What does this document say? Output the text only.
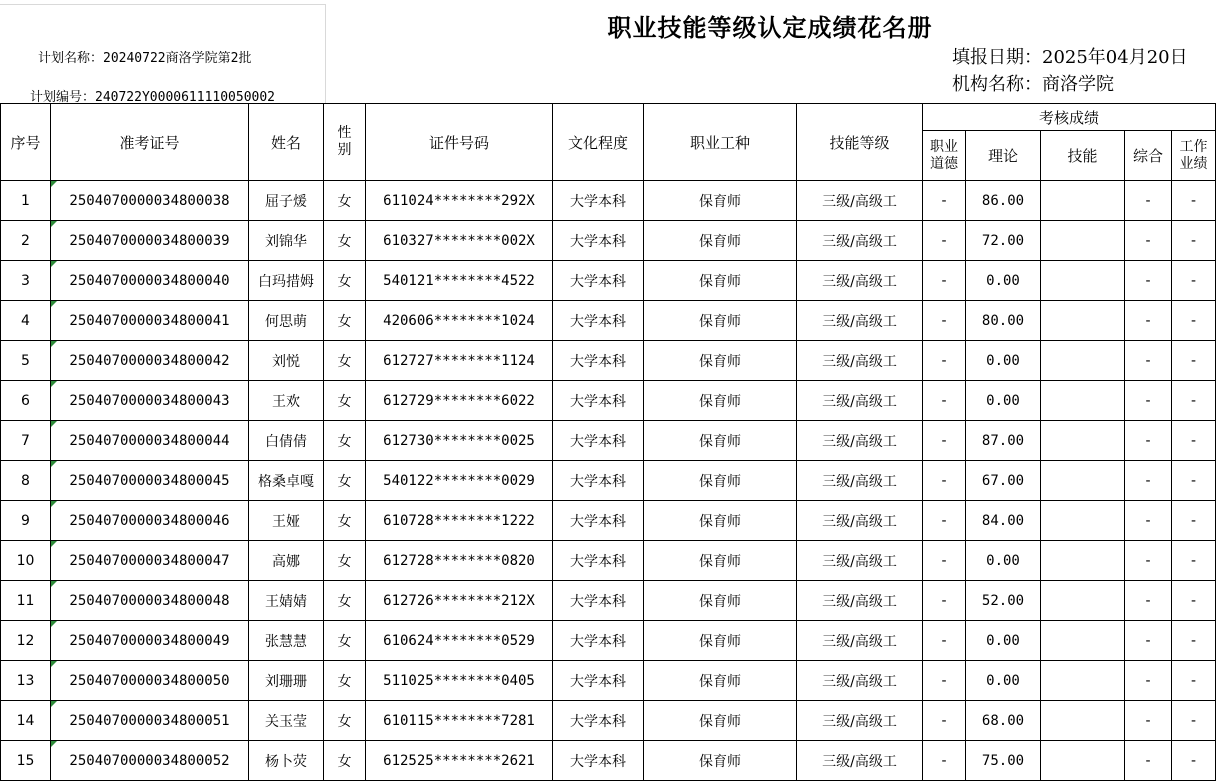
职业技能等级认定成绩花名册
计划名称：20240722商洛学院第2批
计划编号：240722Y0000611110050002
填报日期：2025年04月20日
机构名称：商洛学院
序号	准考证号	姓名	性别	证件号码	文化程度	职业工种	技能等级	考核成绩				
								职业道德	理论	技能	综合	工作业绩
1	2504070000034800038	屈子煖	女	611024********292X	大学本科	保育师	三级/高级工	-	86.00		-	-
2	2504070000034800039	刘锦华	女	610327********002X	大学本科	保育师	三级/高级工	-	72.00		-	-
3	2504070000034800040	白玛措姆	女	540121********4522	大学本科	保育师	三级/高级工	-	0.00		-	-
4	2504070000034800041	何思萌	女	420606********1024	大学本科	保育师	三级/高级工	-	80.00		-	-
5	2504070000034800042	刘悦	女	612727********1124	大学本科	保育师	三级/高级工	-	0.00		-	-
6	2504070000034800043	王欢	女	612729********6022	大学本科	保育师	三级/高级工	-	0.00		-	-
7	2504070000034800044	白倩倩	女	612730********0025	大学本科	保育师	三级/高级工	-	87.00		-	-
8	2504070000034800045	格桑卓嘎	女	540122********0029	大学本科	保育师	三级/高级工	-	67.00		-	-
9	2504070000034800046	王娅	女	610728********1222	大学本科	保育师	三级/高级工	-	84.00		-	-
10	2504070000034800047	高娜	女	612728********0820	大学本科	保育师	三级/高级工	-	0.00		-	-
11	2504070000034800048	王婧婧	女	612726********212X	大学本科	保育师	三级/高级工	-	52.00		-	-
12	2504070000034800049	张慧慧	女	610624********0529	大学本科	保育师	三级/高级工	-	0.00		-	-
13	2504070000034800050	刘珊珊	女	511025********0405	大学本科	保育师	三级/高级工	-	0.00		-	-
14	2504070000034800051	关玉莹	女	610115********7281	大学本科	保育师	三级/高级工	-	68.00		-	-
15	2504070000034800052	杨卜荧	女	612525********2621	大学本科	保育师	三级/高级工	-	75.00		-	-
